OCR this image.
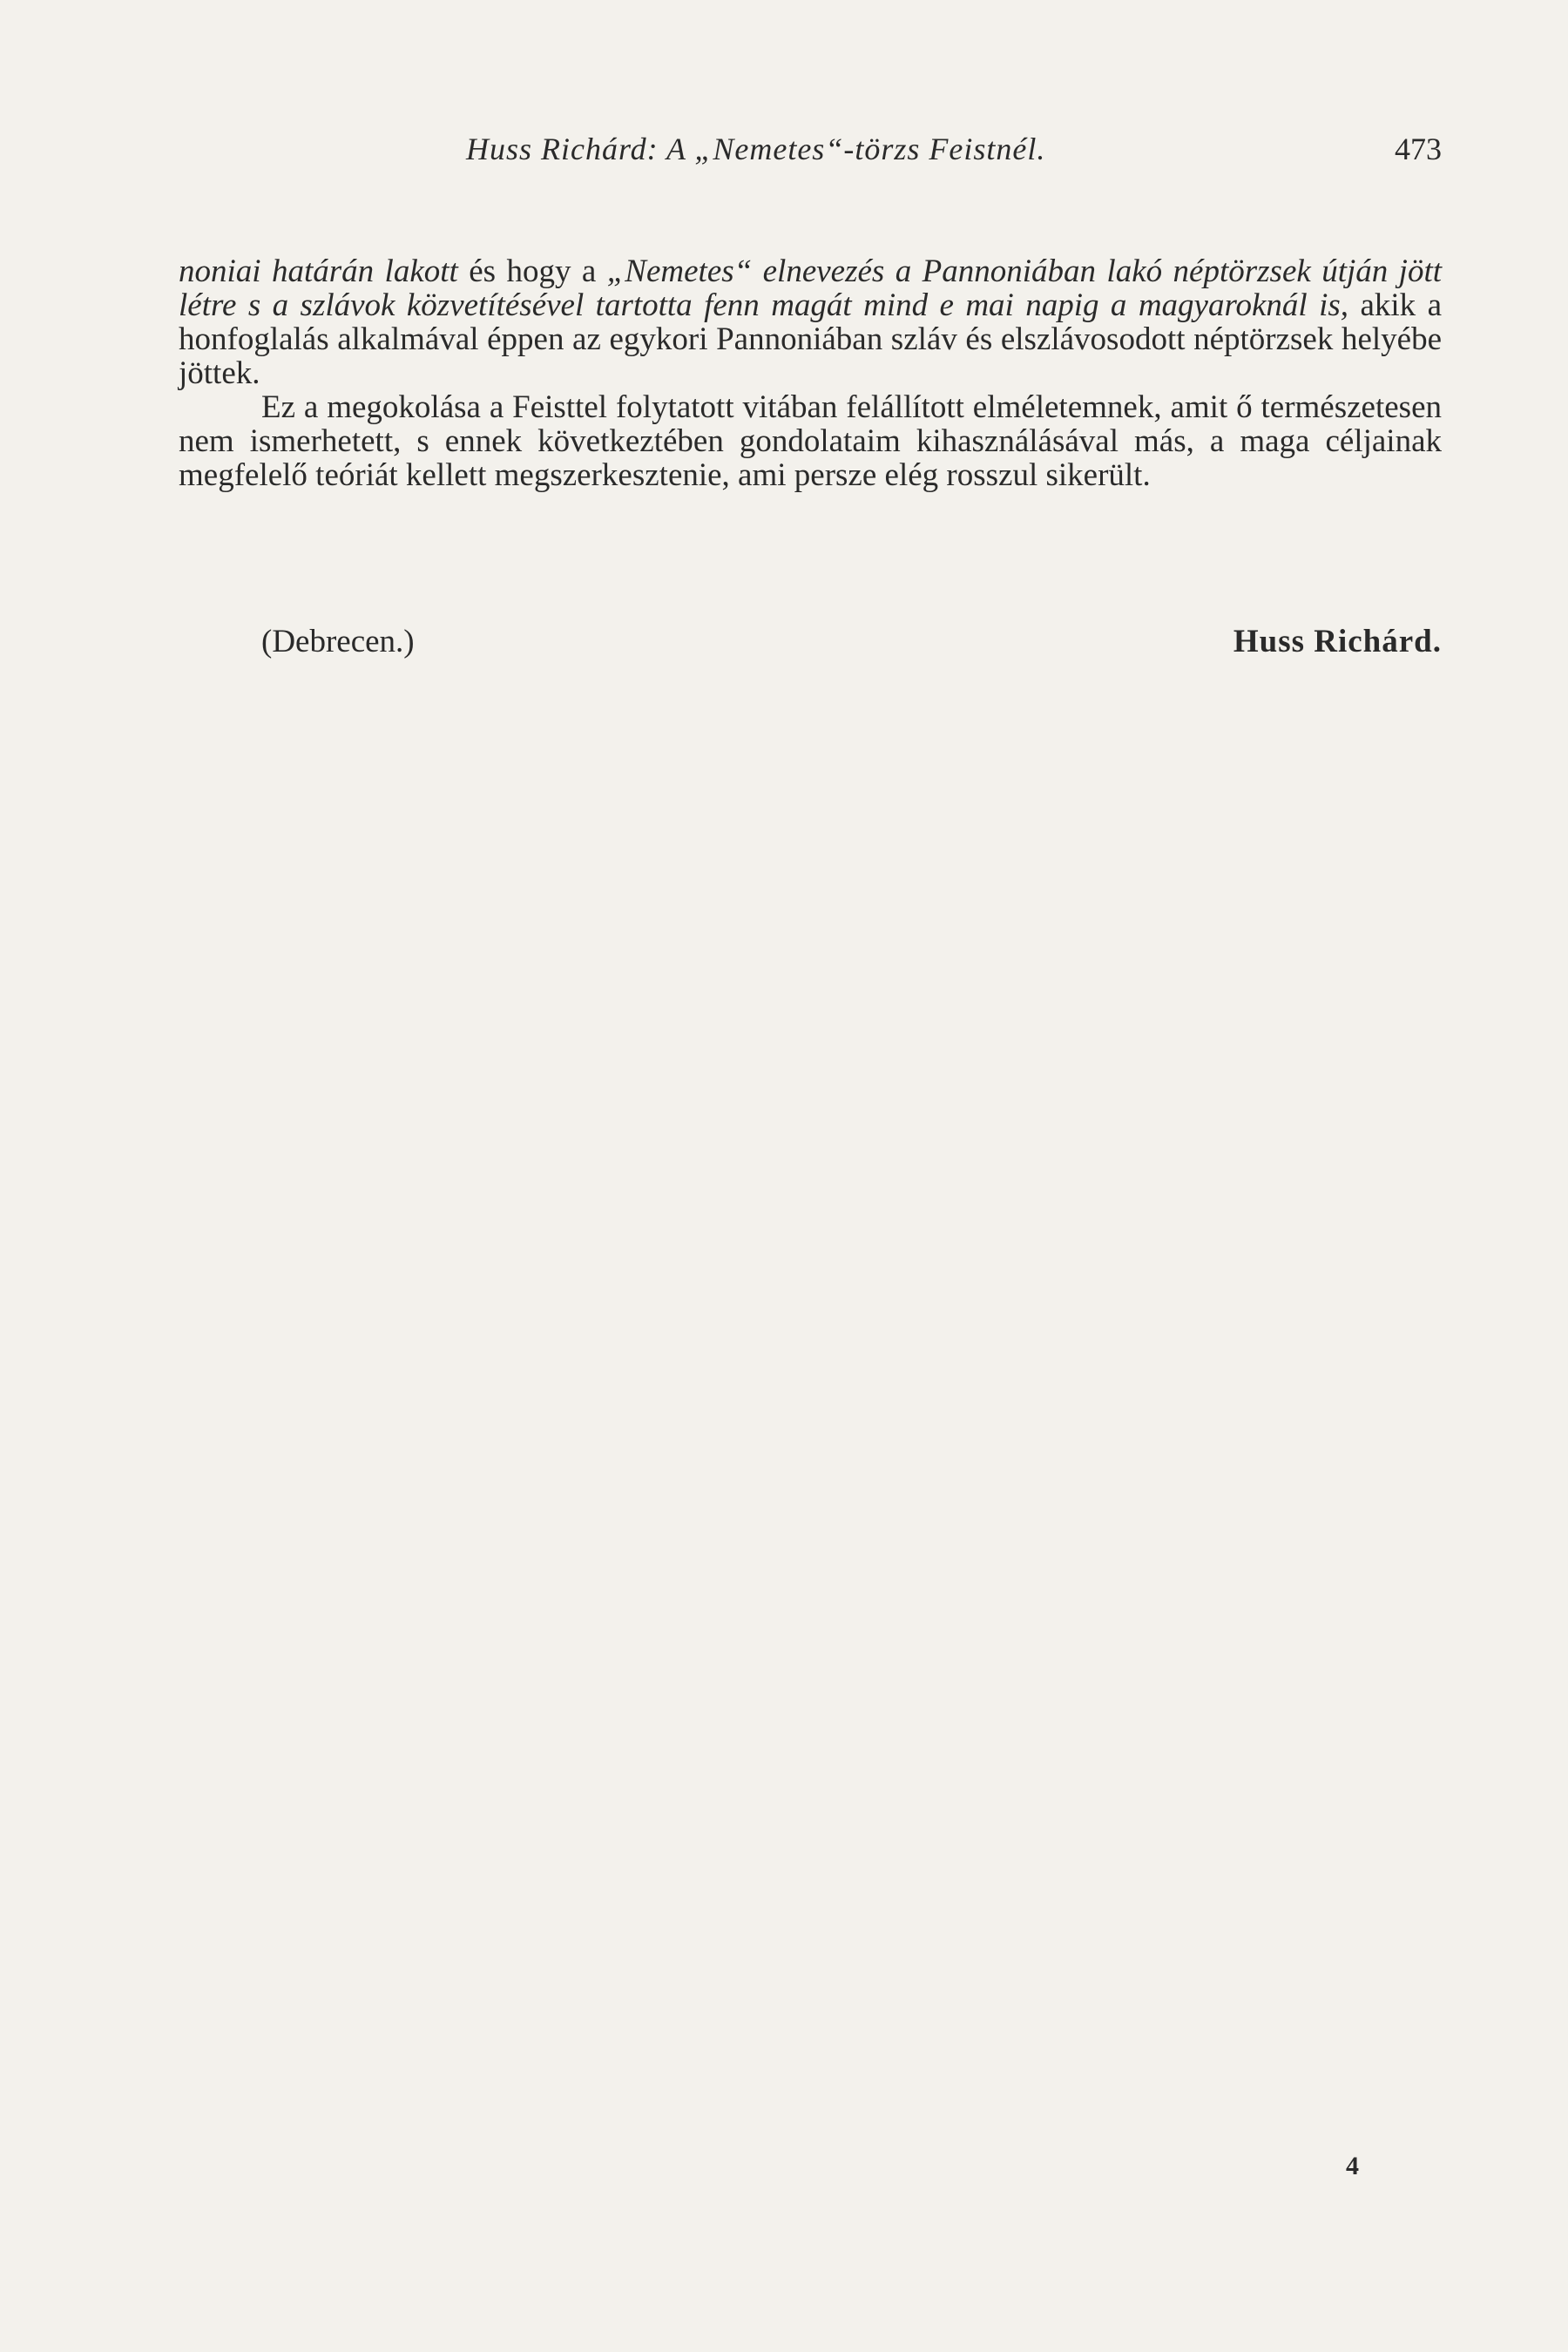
Huss Richárd: A „Nemetes“-törzs Feistnél.	473

noniai határán lakott és hogy a „Nemetes“ elnevezés a Pannoniában lakó néptörzsek útján jött létre s a szlávok közvetítésével tartotta fenn magát mind e mai napig a magyaroknál is, akik a honfoglalás alkalmával éppen az egykori Pannoniában szláv és elszlávosodott néptörzsek helyébe jöttek.

Ez a megokolása a Feisttel folytatott vitában felállított elméletemnek, amit ő természetesen nem ismerhetett, s ennek következtében gondolataim kihasználásával más, a maga céljainak megfelelő teóriát kellett megszerkesztenie, ami persze elég rosszul sikerült.

(Debrecen.)	Huss Richárd.
4
